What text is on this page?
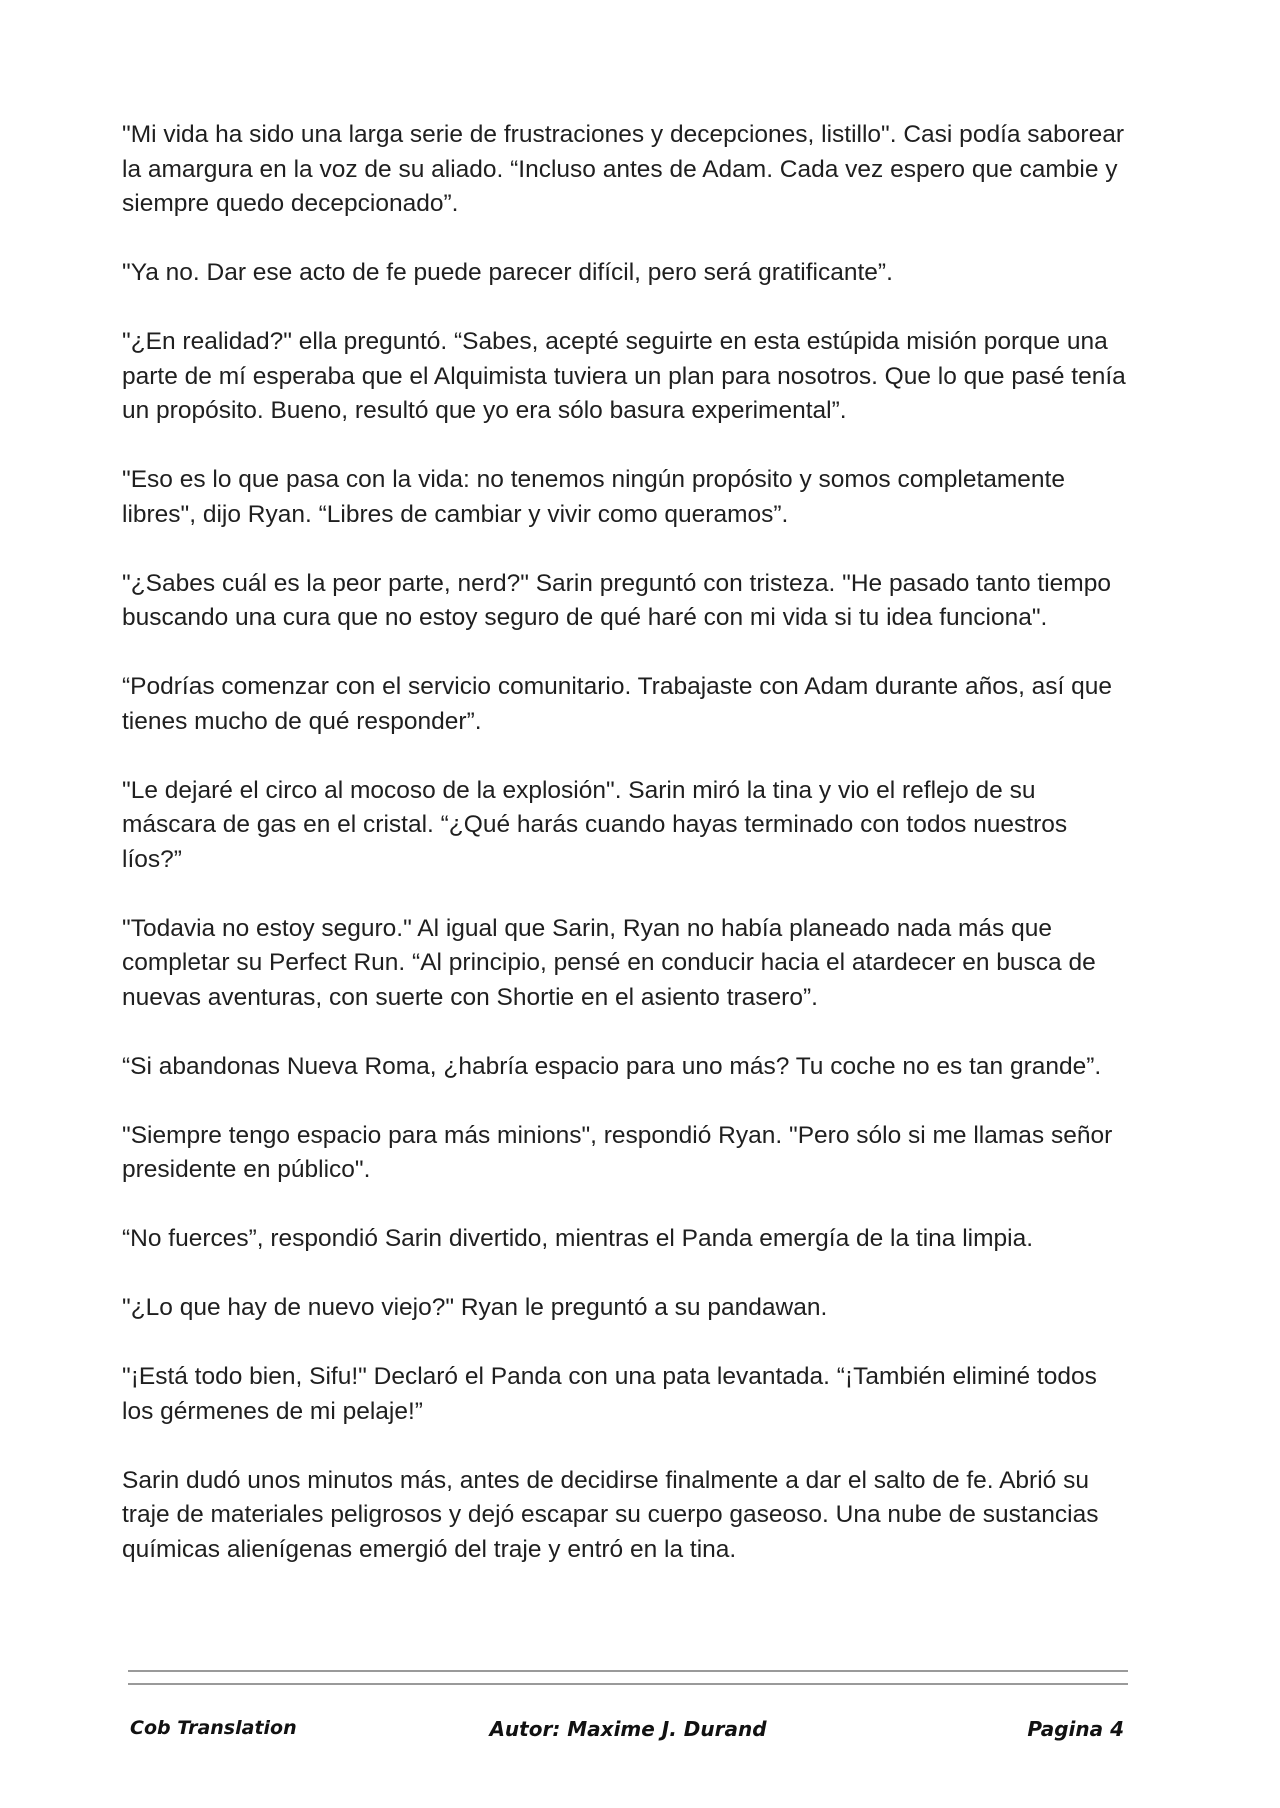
"Mi vida ha sido una larga serie de frustraciones y decepciones, listillo". Casi podía saborear la amargura en la voz de su aliado. “Incluso antes de Adam. Cada vez espero que cambie y siempre quedo decepcionado”.

"Ya no. Dar ese acto de fe puede parecer difícil, pero será gratificante”.

"¿En realidad?" ella preguntó. “Sabes, acepté seguirte en esta estúpida misión porque una parte de mí esperaba que el Alquimista tuviera un plan para nosotros. Que lo que pasé tenía un propósito. Bueno, resultó que yo era sólo basura experimental”.

"Eso es lo que pasa con la vida: no tenemos ningún propósito y somos completamente libres", dijo Ryan. “Libres de cambiar y vivir como queramos”.

"¿Sabes cuál es la peor parte, nerd?" Sarin preguntó con tristeza. "He pasado tanto tiempo buscando una cura que no estoy seguro de qué haré con mi vida si tu idea funciona".

“Podrías comenzar con el servicio comunitario. Trabajaste con Adam durante años, así que tienes mucho de qué responder”.

"Le dejaré el circo al mocoso de la explosión". Sarin miró la tina y vio el reflejo de su máscara de gas en el cristal. “¿Qué harás cuando hayas terminado con todos nuestros líos?”

"Todavia no estoy seguro." Al igual que Sarin, Ryan no había planeado nada más que completar su Perfect Run. “Al principio, pensé en conducir hacia el atardecer en busca de nuevas aventuras, con suerte con Shortie en el asiento trasero”.

“Si abandonas Nueva Roma, ¿habría espacio para uno más? Tu coche no es tan grande”.

"Siempre tengo espacio para más minions", respondió Ryan. "Pero sólo si me llamas señor presidente en público".

“No fuerces”, respondió Sarin divertido, mientras el Panda emergía de la tina limpia.

"¿Lo que hay de nuevo viejo?" Ryan le preguntó a su pandawan.

"¡Está todo bien, Sifu!" Declaró el Panda con una pata levantada. “¡También eliminé todos los gérmenes de mi pelaje!”

Sarin dudó unos minutos más, antes de decidirse finalmente a dar el salto de fe. Abrió su traje de materiales peligrosos y dejó escapar su cuerpo gaseoso. Una nube de sustancias químicas alienígenas emergió del traje y entró en la tina.

Cob Translation	Autor: Maxime J. Durand	Pagina 4
